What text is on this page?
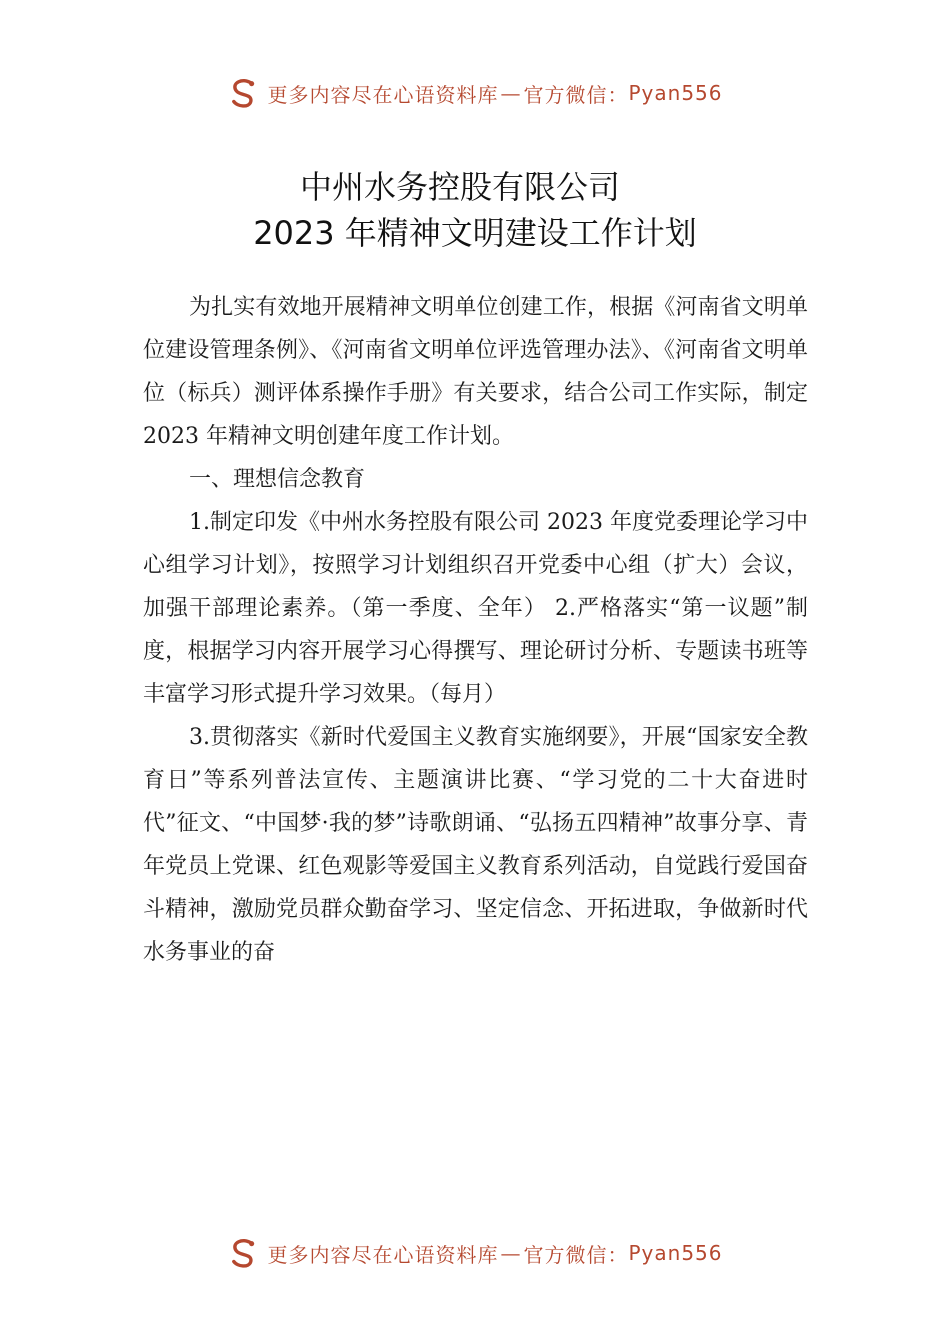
更多内容尽在心语资料库 — 官方微信： Pyan556
中州水务控股有限公司
2023 年精神文明建设工作计划

为扎实有效地开展精神文明单位创建工作，根据《河南省文明单位建设管理条例》、《河南省文明单位评选管理办法》、《河南省文明单位（标兵）测评体系操作手册》有关要求，结合公司工作实际，制定 2023 年精神文明创建年度工作计划。

一、理想信念教育

1.制定印发《中州水务控股有限公司 2023 年度党委理论学习中心组学习计划》，按照学习计划组织召开党委中心组（扩大）会议，加强干部理论素养。（第一季度、全年） 2.严格落实“第一议题”制度，根据学习内容开展学习心得撰写、理论研讨分析、专题读书班等丰富学习形式提升学习效果。（每月）

3.贯彻落实《新时代爱国主义教育实施纲要》，开展“国家安全教育日”等系列普法宣传、主题演讲比赛、“学习党的二十大奋进时代”征文、“中国梦·我的梦”诗歌朗诵、“弘扬五四精神”故事分享、青年党员上党课、红色观影等爱国主义教育系列活动，自觉践行爱国奋斗精神，激励党员群众勤奋学习、坚定信念、开拓进取，争做新时代水务事业的奋

更多内容尽在心语资料库 — 官方微信： Pyan556
